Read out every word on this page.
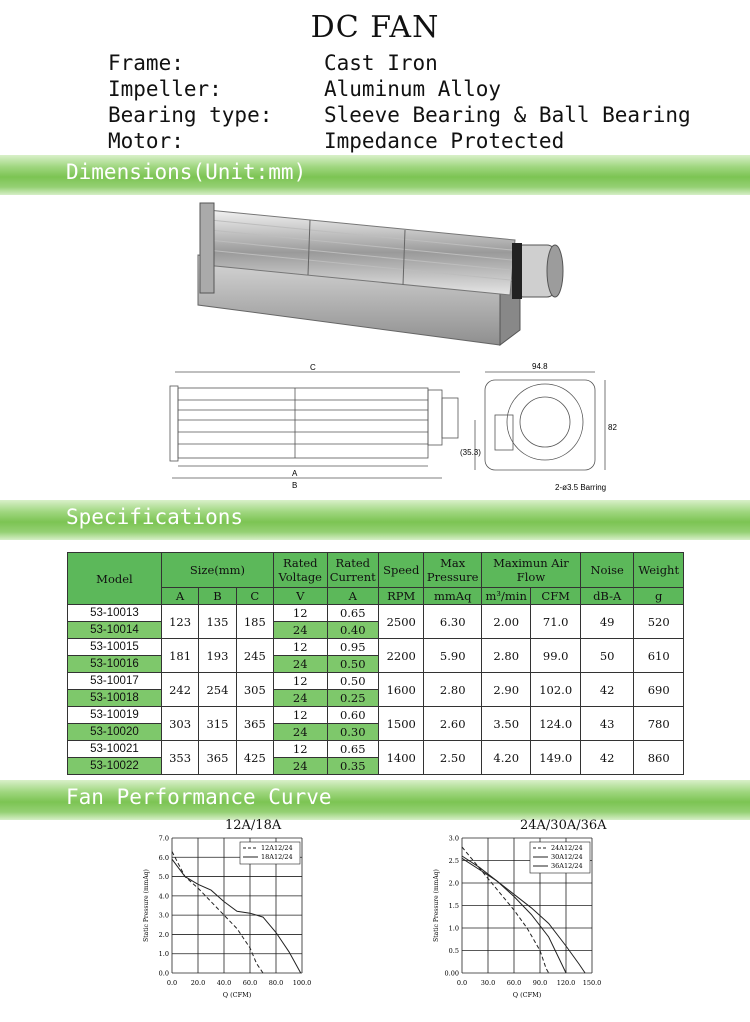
DC FAN
Frame:	Cast Iron
Impeller:	Aluminum Alloy
Bearing type:	Sleeve Bearing & Ball Bearing
Motor:	Impedance Protected
Dimensions(Unit:mm)
C
A
B
94.8
82
(35.3)
2-ø3.5 Barring
Specifications
Model	Size(mm)			Rated Voltage	Rated Current	Speed	Max Pressure	Maximun Air Flow		Noise	Weight
	A	B	C	V	A	RPM	mmAq	m³/min	CFM	dB-A	g
53-10013	123	135	185	12	0.65	2500	6.30	2.00	71.0	49	520
53-10014				24	0.40						
53-10015	181	193	245	12	0.95	2200	5.90	2.80	99.0	50	610
53-10016				24	0.50						
53-10017	242	254	305	12	0.50	1600	2.80	2.90	102.0	42	690
53-10018				24	0.25						
53-10019	303	315	365	12	0.60	1500	2.60	3.50	124.0	43	780
53-10020				24	0.30						
53-10021	353	365	425	12	0.65	1400	2.50	4.20	149.0	42	860
53-10022				24	0.35						
Fan Performance Curve
12A/18A	24A/30A/36A
0.0 20.0 40.0 60.0 80.0 100.0
0.0
1.0
2.0
3.0
4.0
5.0
6.0
7.0
12A12/24
18A12/24
Q (CFM)
Static Pressure (mmAq)
0.0 30.0 60.0 90.0 120.0 150.0
0.00
0.5
1.0
1.5
2.0
2.5
3.0
24A12/24
30A12/24
36A12/24
Q (CFM)
Static Pressure (mmAq)
